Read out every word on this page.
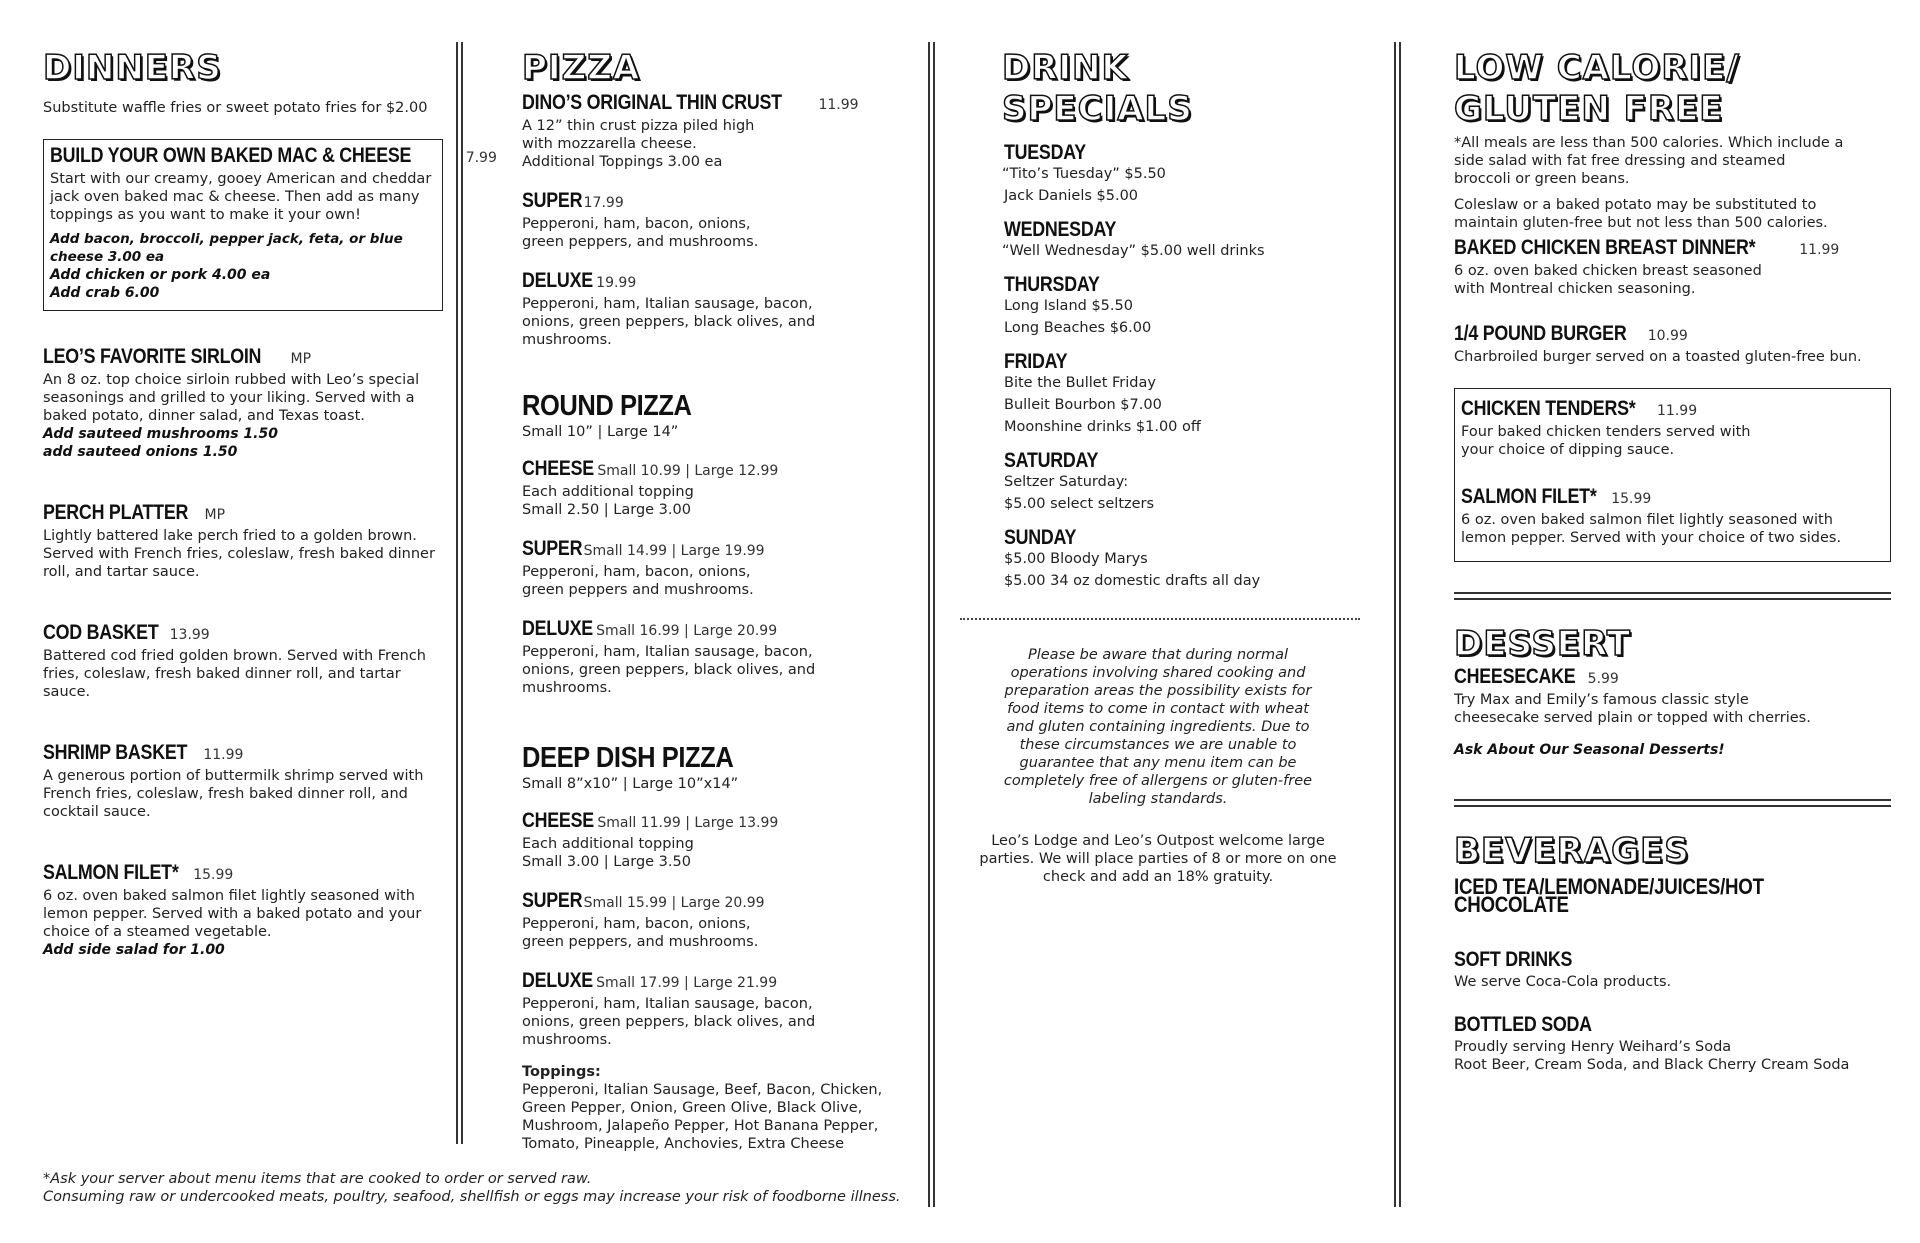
DINNERS
Substitute waffle fries or sweet potato fries for $2.00
BUILD YOUR OWN BAKED MAC & CHEESE	7.99
Start with our creamy, gooey American and cheddar jack oven baked mac & cheese. Then add as many toppings as you want to make it your own!
Add bacon, broccoli, pepper jack, feta, or blue cheese 3.00 ea
Add chicken or pork 4.00 ea
Add crab 6.00
LEO’S FAVORITE SIRLOIN MP
An 8 oz. top choice sirloin rubbed with Leo’s special seasonings and grilled to your liking. Served with a baked potato, dinner salad, and Texas toast.
Add sauteed mushrooms 1.50
add sauteed onions 1.50
PERCH PLATTER MP
Lightly battered lake perch fried to a golden brown. Served with French fries, coleslaw, fresh baked dinner roll, and tartar sauce.
COD BASKET 13.99
Battered cod fried golden brown. Served with French fries, coleslaw, fresh baked dinner roll, and tartar sauce.
SHRIMP BASKET 11.99
A generous portion of buttermilk shrimp served with French fries, coleslaw, fresh baked dinner roll, and cocktail sauce.
SALMON FILET* 15.99
6 oz. oven baked salmon filet lightly seasoned with lemon pepper. Served with a baked potato and your choice of a steamed vegetable.
Add side salad for 1.00
PIZZA
DINO’S ORIGINAL THIN CRUST	11.99
A 12” thin crust pizza piled high with mozzarella cheese.
Additional Toppings 3.00 ea
SUPER 17.99
Pepperoni, ham, bacon, onions, green peppers, and mushrooms.
DELUXE 19.99
Pepperoni, ham, Italian sausage, bacon, onions, green peppers, black olives, and mushrooms.
ROUND PIZZA
Small 10” | Large 14”
CHEESE Small 10.99 | Large 12.99
Each additional topping
Small 2.50 | Large 3.00
SUPER Small 14.99 | Large 19.99
Pepperoni, ham, bacon, onions, green peppers and mushrooms.
DELUXE Small 16.99 | Large 20.99
Pepperoni, ham, Italian sausage, bacon, onions, green peppers, black olives, and mushrooms.
DEEP DISH PIZZA
Small 8”x10” | Large 10”x14”
CHEESE Small 11.99 | Large 13.99
Each additional topping
Small 3.00 | Large 3.50
SUPER Small 15.99 | Large 20.99
Pepperoni, ham, bacon, onions, green peppers, and mushrooms.
DELUXE Small 17.99 | Large 21.99
Pepperoni, ham, Italian sausage, bacon, onions, green peppers, black olives, and mushrooms.
Toppings:
Pepperoni, Italian Sausage, Beef, Bacon, Chicken, Green Pepper, Onion, Green Olive, Black Olive, Mushroom, Jalapeño Pepper, Hot Banana Pepper, Tomato, Pineapple, Anchovies, Extra Cheese
DRINK
SPECIALS
TUESDAY
“Tito’s Tuesday” $5.50
Jack Daniels $5.00
WEDNESDAY
“Well Wednesday” $5.00 well drinks
THURSDAY
Long Island $5.50
Long Beaches $6.00
FRIDAY
Bite the Bullet Friday
Bulleit Bourbon $7.00
Moonshine drinks $1.00 off
SATURDAY
Seltzer Saturday:
$5.00 select seltzers
SUNDAY
$5.00 Bloody Marys
$5.00 34 oz domestic drafts all day
Please be aware that during normal operations involving shared cooking and preparation areas the possibility exists for food items to come in contact with wheat and gluten containing ingredients. Due to these circumstances we are unable to guarantee that any menu item can be completely free of allergens or gluten-free labeling standards.
Leo’s Lodge and Leo’s Outpost welcome large parties. We will place parties of 8 or more on one check and add an 18% gratuity.
LOW CALORIE/
GLUTEN FREE
*All meals are less than 500 calories. Which include a side salad with fat free dressing and steamed broccoli or green beans.
Coleslaw or a baked potato may be substituted to maintain gluten-free but not less than 500 calories.
BAKED CHICKEN BREAST DINNER*	11.99
6 oz. oven baked chicken breast seasoned with Montreal chicken seasoning.
1/4 POUND BURGER 10.99
Charbroiled burger served on a toasted gluten-free bun.
CHICKEN TENDERS* 11.99
Four baked chicken tenders served with your choice of dipping sauce.
SALMON FILET* 15.99
6 oz. oven baked salmon filet lightly seasoned with lemon pepper. Served with your choice of two sides.
DESSERT
CHEESECAKE 5.99
Try Max and Emily’s famous classic style cheesecake served plain or topped with cherries.
Ask About Our Seasonal Desserts!
BEVERAGES
ICED TEA/LEMONADE/JUICES/HOT CHOCOLATE
SOFT DRINKS
We serve Coca-Cola products.
BOTTLED SODA
Proudly serving Henry Weihard’s Soda
Root Beer, Cream Soda, and Black Cherry Cream Soda
*Ask your server about menu items that are cooked to order or served raw.
Consuming raw or undercooked meats, poultry, seafood, shellfish or eggs may increase your risk of foodborne illness.
